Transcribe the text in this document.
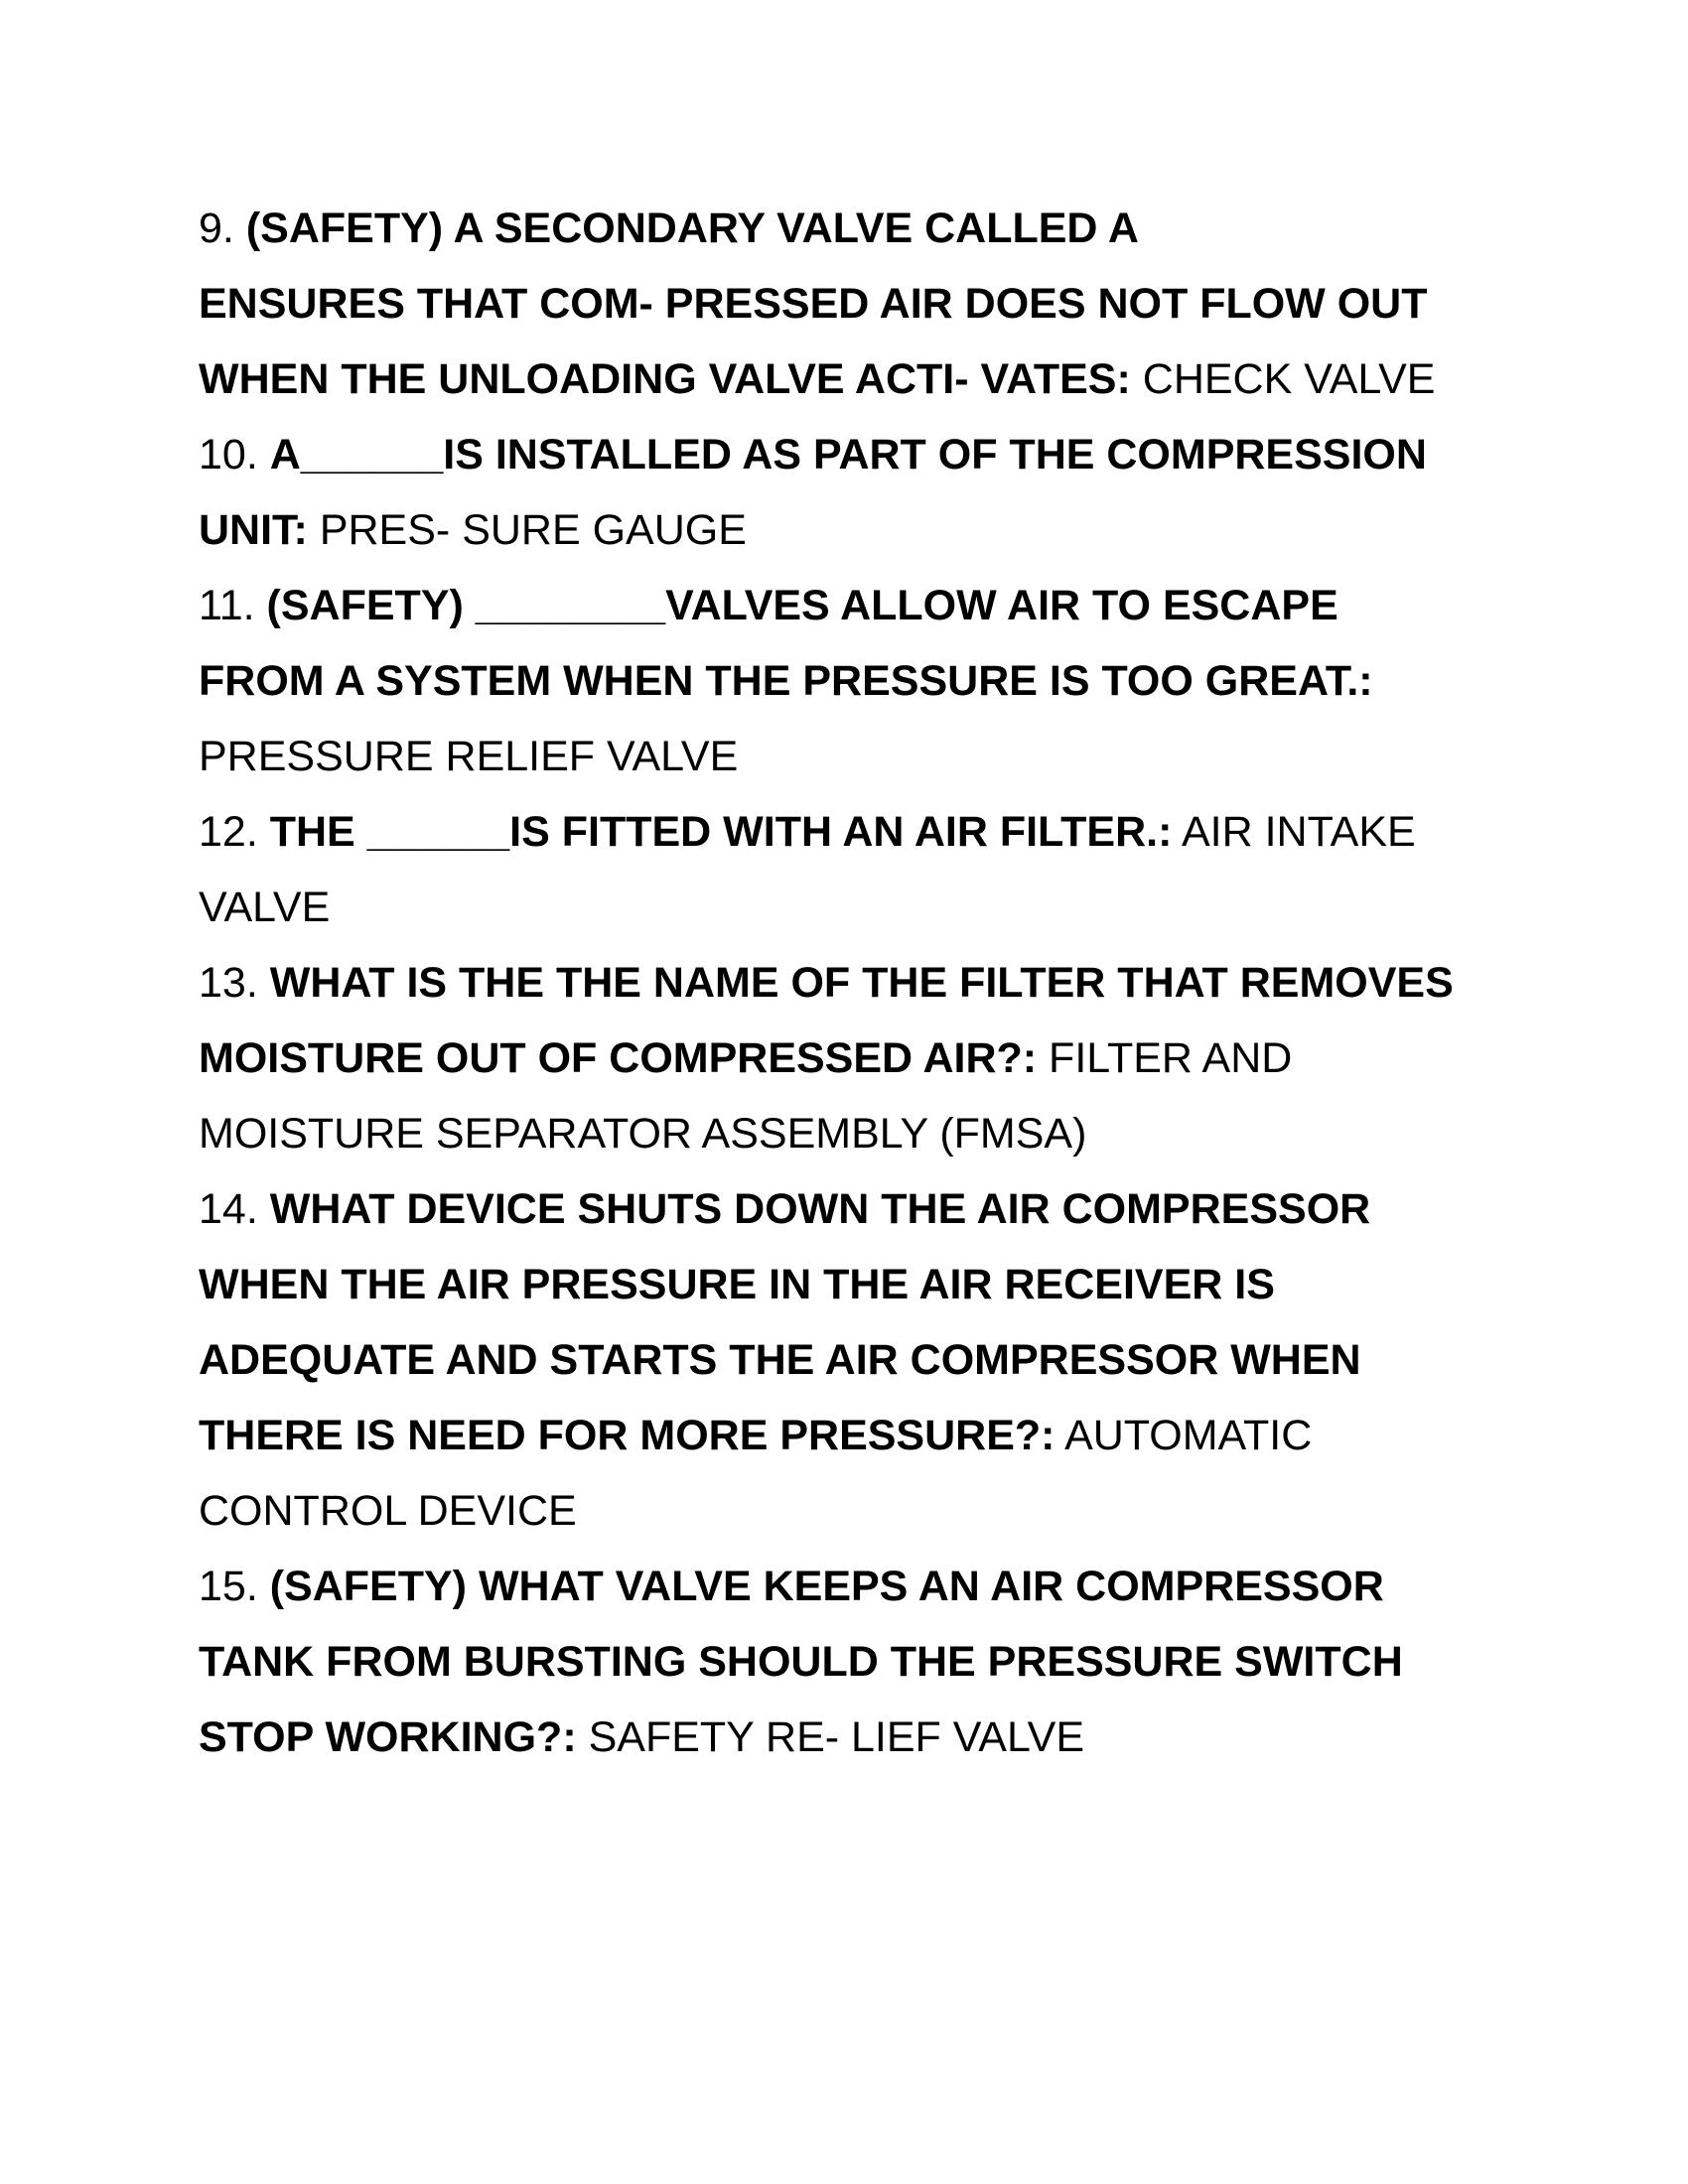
9. (SAFETY) A SECONDARY VALVE CALLED A

ENSURES THAT COM- PRESSED AIR DOES NOT FLOW OUT

WHEN THE UNLOADING VALVE ACTI- VATES: CHECK VALVE

10. A______IS INSTALLED AS PART OF THE COMPRESSION

UNIT: PRES- SURE GAUGE

11. (SAFETY) ________VALVES ALLOW AIR TO ESCAPE

FROM A SYSTEM WHEN THE PRESSURE IS TOO GREAT.:

PRESSURE RELIEF VALVE

12. THE ______IS FITTED WITH AN AIR FILTER.: AIR INTAKE

VALVE

13. WHAT IS THE THE NAME OF THE FILTER THAT REMOVES

MOISTURE OUT OF COMPRESSED AIR?: FILTER AND

MOISTURE SEPARATOR ASSEMBLY (FMSA)

14. WHAT DEVICE SHUTS DOWN THE AIR COMPRESSOR

WHEN THE AIR PRESSURE IN THE AIR RECEIVER IS

ADEQUATE AND STARTS THE AIR COMPRESSOR WHEN

THERE IS NEED FOR MORE PRESSURE?: AUTOMATIC

CONTROL DEVICE

15. (SAFETY) WHAT VALVE KEEPS AN AIR COMPRESSOR

TANK FROM BURSTING SHOULD THE PRESSURE SWITCH

STOP WORKING?: SAFETY RE- LIEF VALVE
